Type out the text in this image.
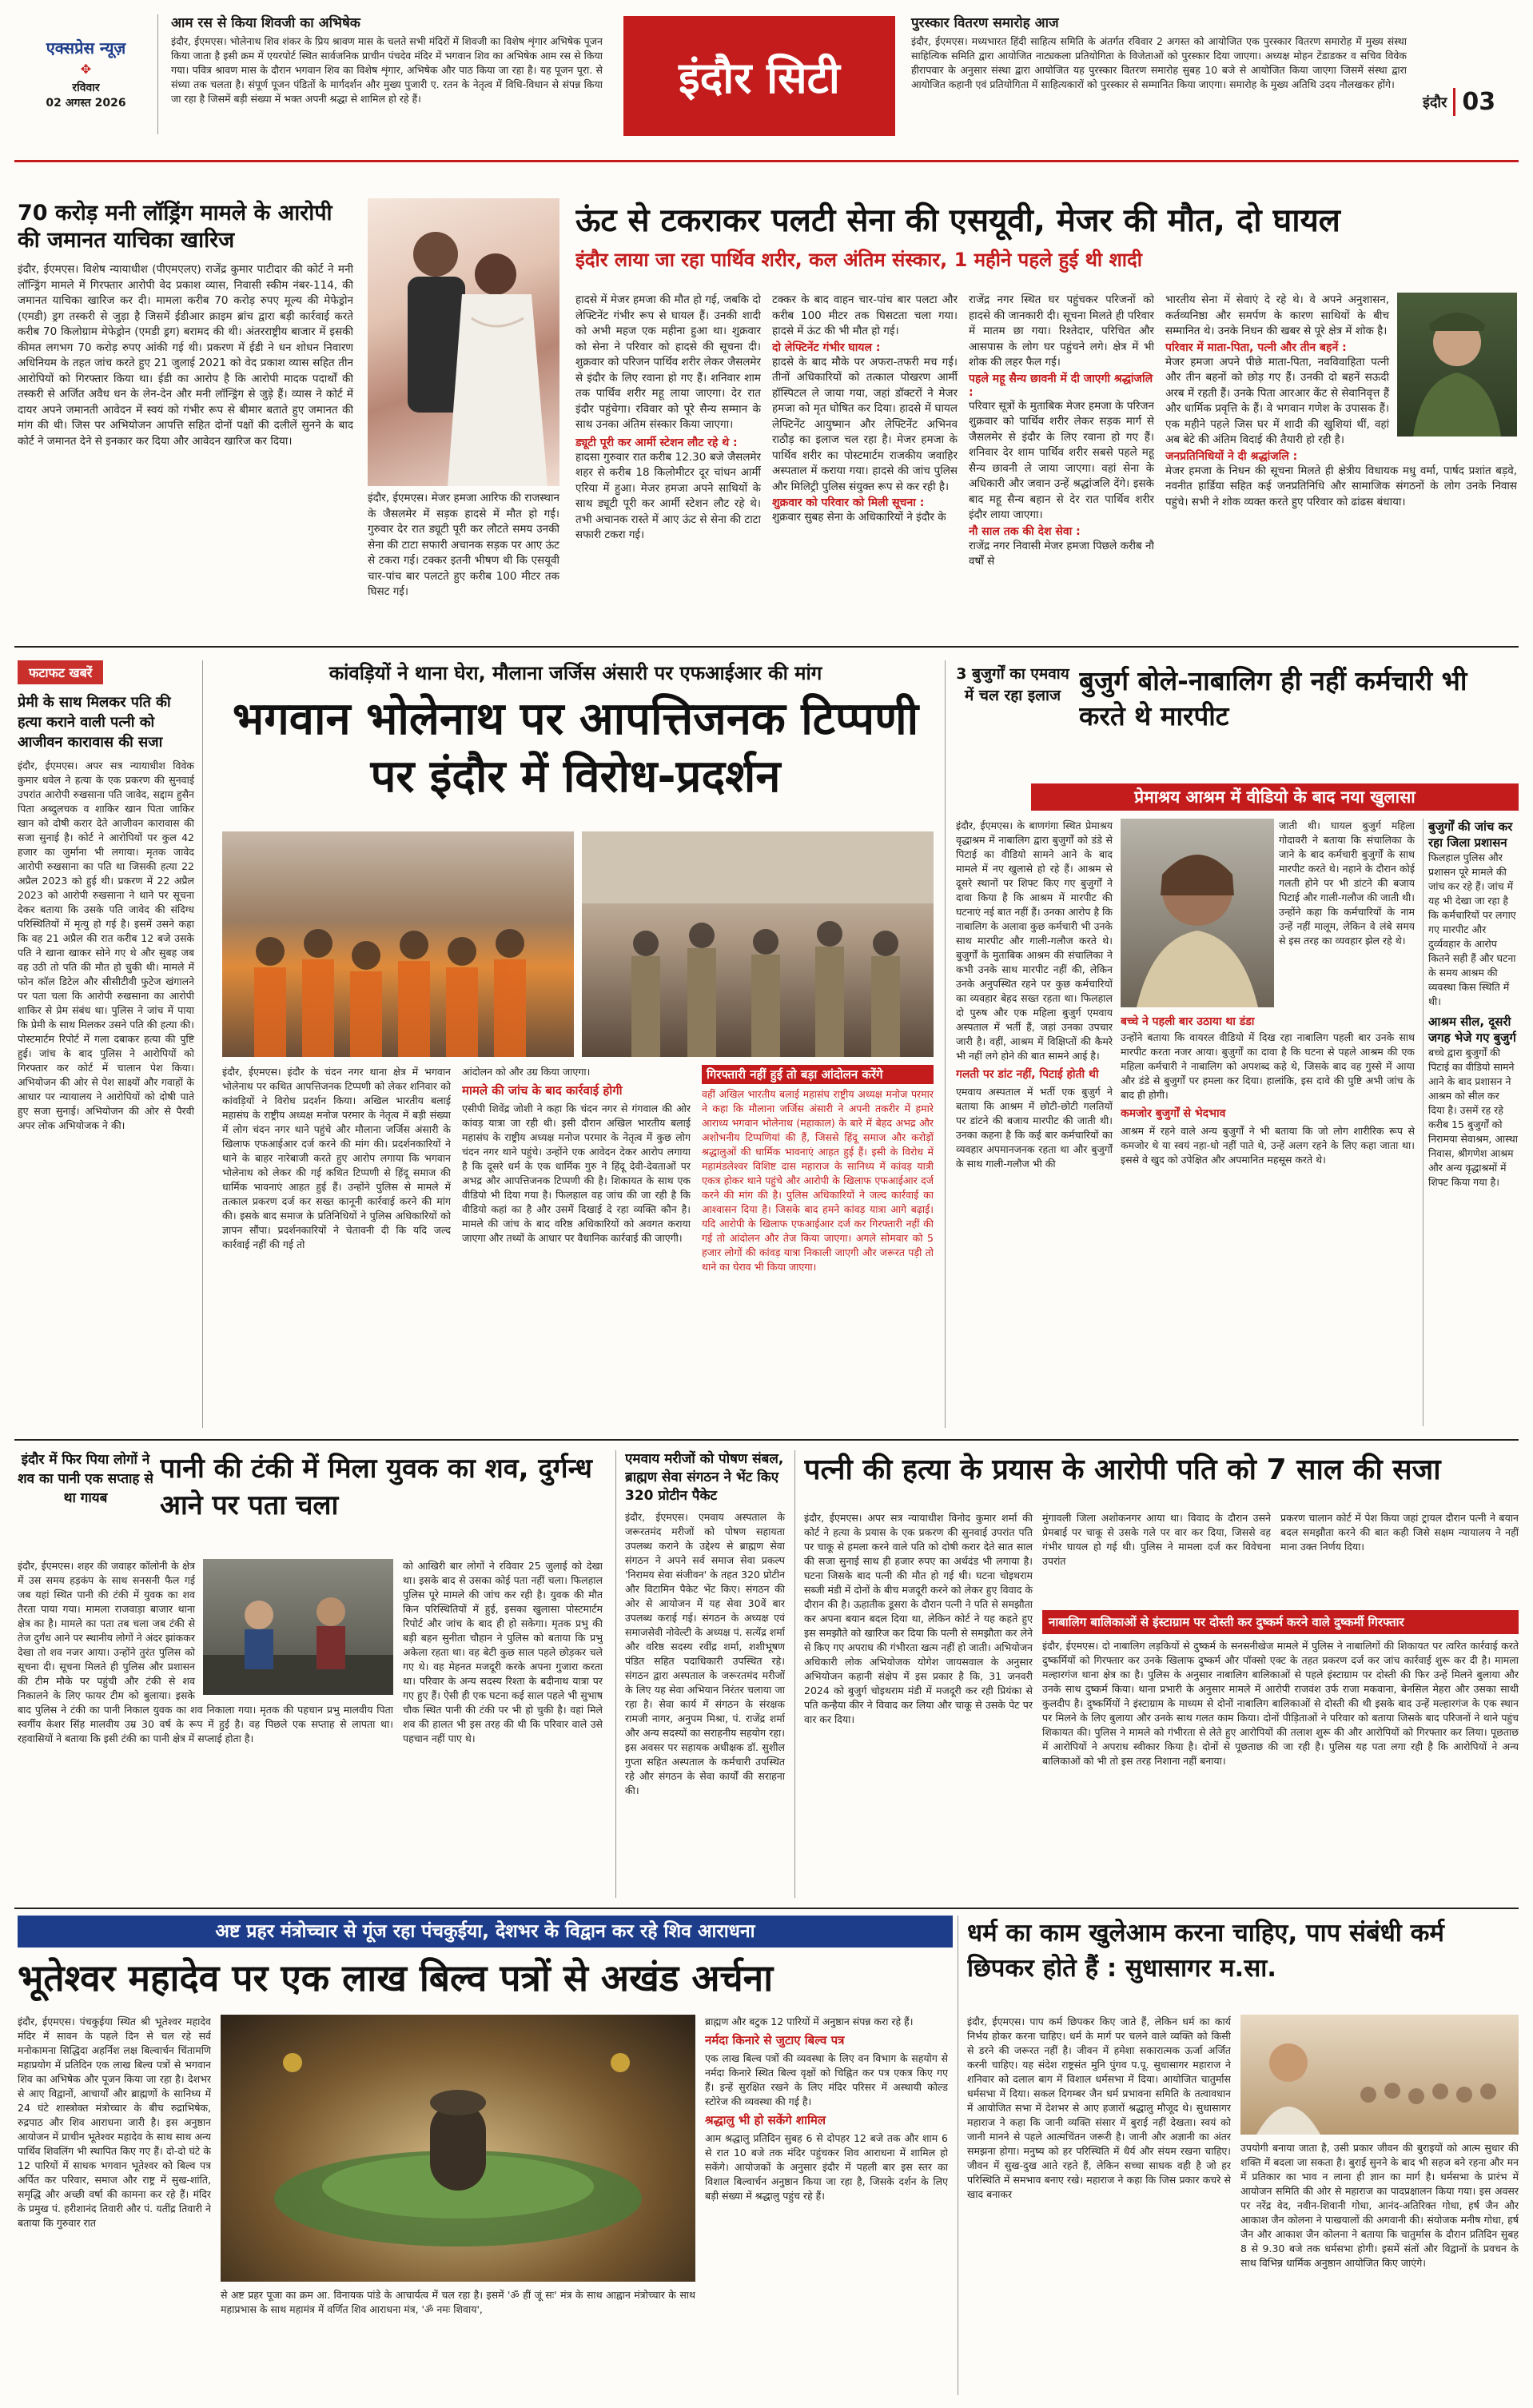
एक्सप्रेस न्यूज़
✥
रविवार
02 अगस्त 2026
आम रस से किया शिवजी का अभिषेक
इंदौर, ईएमएस। भोलेनाथ शिव शंकर के प्रिय श्रावण मास के चलते सभी मंदिरों में शिवजी का विशेष शृंगार अभिषेक पूजन किया जाता है इसी क्रम में एयरपोर्ट स्थित सार्वजनिक प्राचीन पंचदेव मंदिर में भगवान शिव का अभिषेक आम रस से किया गया। पवित्र श्रावण मास के दौरान भगवान शिव का विशेष शृंगार, अभिषेक और पाठ किया जा रहा है। यह पूजन पूरा. से संध्या तक चलता है। संपूर्ण पूजन पंडितों के मार्गदर्शन और मुख्य पुजारी ए. रतन के नेतृत्व में विधि-विधान से संपन्न किया जा रहा है जिसमें बड़ी संख्या में भक्त अपनी श्रद्धा से शामिल हो रहे हैं।	इंदौर सिटी
पुरस्कार वितरण समारोह आज
इंदौर, ईएमएस। मध्यभारत हिंदी साहित्य समिति के अंतर्गत रविवार 2 अगस्त को आयोजित एक पुरस्कार वितरण समारोह में मुख्य संस्था साहित्यिक समिति द्वारा आयोजित नाट्यकला प्रतियोगिता के विजेताओं को पुरस्कार दिया जाएगा। अध्यक्ष मोहन टेंडाडकर व सचिव विवेक हीरापवार के अनुसार संस्था द्वारा आयोजित यह पुरस्कार वितरण समारोह सुबह 10 बजे से आयोजित किया जाएगा जिसमें संस्था द्वारा आयोजित कहानी एवं प्रतियोगिता में साहित्यकारों को पुरस्कार से सम्मानित किया जाएगा। समारोह के मुख्य अतिथि उदय नौलखकर होंगे।
इंदौर 03
70 करोड़ मनी लॉड्रिंग मामले के आरोपी की जमानत याचिका खारिज
इंदौर, ईएमएस। विशेष न्यायाधीश (पीएमएलए) राजेंद्र कुमार पाटीदार की कोर्ट ने मनी लॉन्ड्रिंग मामले में गिरफ्तार आरोपी वेद प्रकाश व्यास, निवासी स्कीम नंबर-114, की जमानत याचिका खारिज कर दी। मामला करीब 70 करोड़ रुपए मूल्य की मेफेड्रोन (एमडी) ड्रग तस्करी से जुड़ा है जिसमें ईडीआर क्राइम ब्रांच द्वारा बड़ी कार्रवाई करते करीब 70 किलोग्राम मेफेड्रोन (एमडी ड्रग) बरामद की थी। अंतरराष्ट्रीय बाजार में इसकी कीमत लगभग 70 करोड़ रुपए आंकी गई थी। प्रकरण में ईडी ने धन शोधन निवारण अधिनियम के तहत जांच करते हुए 21 जुलाई 2021 को वेद प्रकाश व्यास सहित तीन आरोपियों को गिरफ्तार किया था। ईडी का आरोप है कि आरोपी मादक पदार्थों की तस्करी से अर्जित अवैध धन के लेन-देन और मनी लॉन्ड्रिंग से जुड़े हैं। व्यास ने कोर्ट में दायर अपने जमानती आवेदन में स्वयं को गंभीर रूप से बीमार बताते हुए जमानत की मांग की थी। जिस पर अभियोजन आपत्ति सहित दोनों पक्षों की दलीलें सुनने के बाद कोर्ट ने जमानत देने से इनकार कर दिया और आवेदन खारिज कर दिया।
ऊंट से टकराकर पलटी सेना की एसयूवी, मेजर की मौत, दो घायल
इंदौर लाया जा रहा पार्थिव शरीर, कल अंतिम संस्कार, 1 महीने पहले हुई थी शादी
इंदौर, ईएमएस। मेजर हमजा आरिफ की राजस्थान के जैसलमेर में सड़क हादसे में मौत हो गई। गुरुवार देर रात ड्यूटी पूरी कर लौटते समय उनकी सेना की टाटा सफारी अचानक सड़क पर आए ऊंट से टकरा गई। टक्कर इतनी भीषण थी कि एसयूवी चार-पांच बार पलटते हुए करीब 100 मीटर तक घिसट गई।
हादसे में मेजर हमजा की मौत हो गई, जबकि दो लेफ्टिनेंट गंभीर रूप से घायल हैं। उनकी शादी को अभी महज एक महीना हुआ था। शुक्रवार को सेना ने परिवार को हादसे की सूचना दी। शुक्रवार को परिजन पार्थिव शरीर लेकर जैसलमेर से इंदौर के लिए रवाना हो गए हैं। शनिवार शाम तक पार्थिव शरीर महू लाया जाएगा। देर रात इंदौर पहुंचेगा। रविवार को पूरे सैन्य सम्मान के साथ उनका अंतिम संस्कार किया जाएगा।
ड्यूटी पूरी कर आर्मी स्टेशन लौट रहे थे :
हादसा गुरुवार रात करीब 12.30 बजे जैसलमेर शहर से करीब 18 किलोमीटर दूर चांधन आर्मी एरिया में हुआ। मेजर हमजा अपने साथियों के साथ ड्यूटी पूरी कर आर्मी स्टेशन लौट रहे थे। तभी अचानक रास्ते में आए ऊंट से सेना की टाटा सफारी टकरा गई।
टक्कर के बाद वाहन चार-पांच बार पलटा और करीब 100 मीटर तक घिसटता चला गया। हादसे में ऊंट की भी मौत हो गई।
दो लेफ्टिनेंट गंभीर घायल :
हादसे के बाद मौके पर अफरा-तफरी मच गई। तीनों अधिकारियों को तत्काल पोखरण आर्मी हॉस्पिटल ले जाया गया, जहां डॉक्टरों ने मेजर हमजा को मृत घोषित कर दिया। हादसे में घायल लेफ्टिनेंट आयुष्मान और लेफ्टिनेंट अभिनव राठौड़ का इलाज चल रहा है। मेजर हमजा के पार्थिव शरीर का पोस्टमार्टम राजकीय जवाहिर अस्पताल में कराया गया। हादसे की जांच पुलिस और मिलिट्री पुलिस संयुक्त रूप से कर रही है।
शुक्रवार को परिवार को मिली सूचना :
शुक्रवार सुबह सेना के अधिकारियों ने इंदौर के
राजेंद्र नगर स्थित घर पहुंचकर परिजनों को हादसे की जानकारी दी। सूचना मिलते ही परिवार में मातम छा गया। रिश्तेदार, परिचित और आसपास के लोग घर पहुंचने लगे। क्षेत्र में भी शोक की लहर फैल गई।
पहले महू सैन्य छावनी में दी जाएगी श्रद्धांजलि :
परिवार सूत्रों के मुताबिक मेजर हमजा के परिजन शुक्रवार को पार्थिव शरीर लेकर सड़क मार्ग से जैसलमेर से इंदौर के लिए रवाना हो गए हैं। शनिवार देर शाम पार्थिव शरीर सबसे पहले महू सैन्य छावनी ले जाया जाएगा। वहां सेना के अधिकारी और जवान उन्हें श्रद्धांजलि देंगे। इसके बाद महू सैन्य बहान से देर रात पार्थिव शरीर इंदौर लाया जाएगा।
नौ साल तक की देश सेवा :
राजेंद्र नगर निवासी मेजर हमजा पिछले करीब नौ वर्षों से
भारतीय सेना में सेवाएं दे रहे थे। वे अपने अनुशासन, कर्तव्यनिष्ठा और समर्पण के कारण साथियों के बीच सम्मानित थे। उनके निधन की खबर से पूरे क्षेत्र में शोक है।
परिवार में माता-पिता, पत्नी और तीन बहनें :
मेजर हमजा अपने पीछे माता-पिता, नवविवाहिता पत्नी और तीन बहनों को छोड़ गए हैं। उनकी दो बहनें सऊदी अरब में रहती हैं। उनके पिता आरआर केंट से सेवानिवृत्त हैं और धार्मिक प्रवृत्ति के हैं। वे भगवान गणेश के उपासक हैं। एक महीने पहले जिस घर में शादी की खुशियां थीं, वहां अब बेटे की अंतिम विदाई की तैयारी हो रही है।
जनप्रतिनिधियों ने दी श्रद्धांजलि :
मेजर हमजा के निधन की सूचना मिलते ही क्षेत्रीय विधायक मधु वर्मा, पार्षद प्रशांत बड़वे, नवनीत हार्डिया सहित कई जनप्रतिनिधि और सामाजिक संगठनों के लोग उनके निवास पहुंचे। सभी ने शोक व्यक्त करते हुए परिवार को ढांढस बंधाया।
फटाफट खबरें
प्रेमी के साथ मिलकर पति की हत्या कराने वाली पत्नी को आजीवन कारावास की सजा
इंदौर, ईएमएस। अपर सत्र न्यायाधीश विवेक कुमार धवेल ने हत्या के एक प्रकरण की सुनवाई उपरांत आरोपी रुखसाना पति जावेद, सद्दाम हुसैन पिता अब्दुलचक व शाकिर खान पिता जाकिर खान को दोषी करार देते आजीवन कारावास की सजा सुनाई है। कोर्ट ने आरोपियों पर कुल 42 हजार का जुर्माना भी लगाया। मृतक जावेद आरोपी रुखसाना का पति था जिसकी हत्या 22 अप्रैल 2023 को हुई थी। प्रकरण में 22 अप्रैल 2023 को आरोपी रुखसाना ने थाने पर सूचना देकर बताया कि उसके पति जावेद की संदिग्ध परिस्थितियों में मृत्यु हो गई है। इसमें उसने कहा कि वह 21 अप्रैल की रात करीब 12 बजे उसके पति ने खाना खाकर सोने गए थे और सुबह जब वह उठी तो पति की मौत हो चुकी थी। मामले में फोन कॉल डिटेल और सीसीटीवी फुटेज खंगालने पर पता चला कि आरोपी रुखसाना का आरोपी शाकिर से प्रेम संबंध था। पुलिस ने जांच में पाया कि प्रेमी के साथ मिलकर उसने पति की हत्या की। पोस्टमार्टम रिपोर्ट में गला दबाकर हत्या की पुष्टि हुई। जांच के बाद पुलिस ने आरोपियों को गिरफ्तार कर कोर्ट में चालान पेश किया। अभियोजन की ओर से पेश साक्ष्यों और गवाहों के आधार पर न्यायालय ने आरोपियों को दोषी पाते हुए सजा सुनाई। अभियोजन की ओर से पैरवी अपर लोक अभियोजक ने की।
कांवड़ियों ने थाना घेरा, मौलाना जर्जिस अंसारी पर एफआईआर की मांग
भगवान भोलेनाथ पर आपत्तिजनक टिप्पणी पर इंदौर में विरोध-प्रदर्शन
इंदौर, ईएमएस। इंदौर के चंदन नगर थाना क्षेत्र में भगवान भोलेनाथ पर कथित आपत्तिजनक टिप्पणी को लेकर शनिवार को कांवड़ियों ने विरोध प्रदर्शन किया। अखिल भारतीय बलाई महासंघ के राष्ट्रीय अध्यक्ष मनोज परमार के नेतृत्व में बड़ी संख्या में लोग चंदन नगर थाने पहुंचे और मौलाना जर्जिस अंसारी के खिलाफ एफआईआर दर्ज करने की मांग की। प्रदर्शनकारियों ने थाने के बाहर नारेबाजी करते हुए आरोप लगाया कि भगवान भोलेनाथ को लेकर की गई कथित टिप्पणी से हिंदू समाज की धार्मिक भावनाएं आहत हुई हैं। उन्होंने पुलिस से मामले में तत्काल प्रकरण दर्ज कर सख्त कानूनी कार्रवाई करने की मांग की। इसके बाद समाज के प्रतिनिधियों ने पुलिस अधिकारियों को ज्ञापन सौंपा। प्रदर्शनकारियों ने चेतावनी दी कि यदि जल्द कार्रवाई नहीं की गई तो
आंदोलन को और उग्र किया जाएगा।
मामले की जांच के बाद कार्रवाई होगी
एसीपी शिवेंद्र जोशी ने कहा कि चंदन नगर से गंगवाल की ओर कांवड़ यात्रा जा रही थी। इसी दौरान अखिल भारतीय बलाई महासंघ के राष्ट्रीय अध्यक्ष मनोज परमार के नेतृत्व में कुछ लोग चंदन नगर थाने पहुंचे। उन्होंने एक आवेदन देकर आरोप लगाया है कि दूसरे धर्म के एक धार्मिक गुरु ने हिंदू देवी-देवताओं पर अभद्र और आपत्तिजनक टिप्पणी की है। शिकायत के साथ एक वीडियो भी दिया गया है। फिलहाल वह जांच की जा रही है कि वीडियो कहां का है और उसमें दिखाई दे रहा व्यक्ति कौन है। मामले की जांच के बाद वरिष्ठ अधिकारियों को अवगत कराया जाएगा और तथ्यों के आधार पर वैधानिक कार्रवाई की जाएगी।
गिरफ्तारी नहीं हुई तो बड़ा आंदोलन करेंगे
वहीं अखिल भारतीय बलाई महासंघ राष्ट्रीय अध्यक्ष मनोज परमार ने कहा कि मौलाना जर्जिस अंसारी ने अपनी तकरीर में हमारे आराध्य भगवान भोलेनाथ (महाकाल) के बारे में बेहद अभद्र और अशोभनीय टिप्पणियां की हैं, जिससे हिंदू समाज और करोड़ों श्रद्धालुओं की धार्मिक भावनाएं आहत हुई हैं। इसी के विरोध में महामंडलेश्वर विशिष्ट दास महाराज के सानिध्य में कांवड़ यात्री एकत्र होकर थाने पहुंचे और आरोपी के खिलाफ एफआईआर दर्ज करने की मांग की है। पुलिस अधिकारियों ने जल्द कार्रवाई का आश्वासन दिया है। जिसके बाद हमने कांवड़ यात्रा आगे बढ़ाई। यदि आरोपी के खिलाफ एफआईआर दर्ज कर गिरफ्तारी नहीं की गई तो आंदोलन और तेज किया जाएगा। अगले सोमवार को 5 हजार लोगों की कांवड़ यात्रा निकाली जाएगी और जरूरत पड़ी तो थाने का घेराव भी किया जाएगा।
3 बुजुर्गों का एमवाय में चल रहा इलाज बुजुर्ग बोले-नाबालिग ही नहीं कर्मचारी भी करते थे मारपीट
प्रेमाश्रय आश्रम में वीडियो के बाद नया खुलासा
इंदौर, ईएमएस। के बाणगंगा स्थित प्रेमाश्रय वृद्धाश्रम में नाबालिग द्वारा बुजुर्गों को डंडे से पिटाई का वीडियो सामने आने के बाद मामले में नए खुलासे हो रहे हैं। आश्रम से दूसरे स्थानों पर शिफ्ट किए गए बुजुर्गों ने दावा किया है कि आश्रम में मारपीट की घटनाएं नई बात नहीं हैं। उनका आरोप है कि नाबालिग के अलावा कुछ कर्मचारी भी उनके साथ मारपीट और गाली-गलौज करते थे। बुजुर्गों के मुताबिक आश्रम की संचालिका ने कभी उनके साथ मारपीट नहीं की, लेकिन उनके अनुपस्थित रहने पर कुछ कर्मचारियों का व्यवहार बेहद सख्त रहता था। फिलहाल दो पुरुष और एक महिला बुजुर्ग एमवाय अस्पताल में भर्ती हैं, जहां उनका उपचार जारी है। वहीं, आश्रम में विक्षिप्तों की कैमरे भी नहीं लगे होने की बात सामने आई है।
गलती पर डांट नहीं, पिटाई होती थी
एमवाय अस्पताल में भर्ती एक बुजुर्ग ने बताया कि आश्रम में छोटी-छोटी गलतियों पर डांटने की बजाय मारपीट की जाती थी। उनका कहना है कि कई बार कर्मचारियों का व्यवहार अपमानजनक रहता था और बुजुर्गों के साथ गाली-गलौज भी की
जाती थी। घायल बुजुर्ग महिला गोदावरी ने बताया कि संचालिका के जाने के बाद कर्मचारी बुजुर्गों के साथ मारपीट करते थे। नहाने के दौरान कोई गलती होने पर भी डांटने की बजाय पिटाई और गाली-गलौज की जाती थी। उन्होंने कहा कि कर्मचारियों के नाम उन्हें नहीं मालूम, लेकिन वे लंबे समय से इस तरह का व्यवहार झेल रहे थे।
बच्चे ने पहली बार उठाया था डंडा
उन्होंने बताया कि वायरल वीडियो में दिख रहा नाबालिग पहली बार उनके साथ मारपीट करता नजर आया। बुजुर्गों का दावा है कि घटना से पहले आश्रम की एक महिला कर्मचारी ने नाबालिग को अपशब्द कहे थे, जिसके बाद वह गुस्से में आया और डंडे से बुजुर्गों पर हमला कर दिया। हालांकि, इस दावे की पुष्टि अभी जांच के बाद ही होगी।
कमजोर बुजुर्गों से भेदभाव
आश्रम में रहने वाले अन्य बुजुर्गों ने भी बताया कि जो लोग शारीरिक रूप से कमजोर थे या स्वयं नहा-धो नहीं पाते थे, उन्हें अलग रहने के लिए कहा जाता था। इससे वे खुद को उपेक्षित और अपमानित महसूस करते थे।
बुजुर्गों की जांच कर रहा जिला प्रशासन
फिलहाल पुलिस और प्रशासन पूरे मामले की जांच कर रहे हैं। जांच में यह भी देखा जा रहा है कि कर्मचारियों पर लगाए गए मारपीट और दुर्व्यवहार के आरोप कितने सही हैं और घटना के समय आश्रम की व्यवस्था किस स्थिति में थी।
आश्रम सील, दूसरी जगह भेजे गए बुजुर्ग
बच्चे द्वारा बुजुर्गों की पिटाई का वीडियो सामने आने के बाद प्रशासन ने आश्रम को सील कर दिया है। उसमें रह रहे करीब 15 बुजुर्गों को निरामया सेवाश्रम, आस्था निवास, श्रीगणेश आश्रम और अन्य वृद्धाश्रमों में शिफ्ट किया गया है।
इंदौर में फिर पिया लोगों ने शव का पानी एक सप्ताह से था गायब
पानी की टंकी में मिला युवक का शव, दुर्गन्ध आने पर पता चला
इंदौर, ईएमएस। शहर की जवाहर कॉलोनी के क्षेत्र में उस समय हड़कंप के साथ सनसनी फैल गई जब यहां स्थित पानी की टंकी में युवक का शव तैरता पाया गया। मामला राजवाड़ा बाजार थाना क्षेत्र का है। मामले का पता तब चला जब टंकी से तेज दुर्गंध आने पर स्थानीय लोगों ने अंदर झांककर देखा तो शव नजर आया। उन्होंने तुरंत पुलिस को सूचना दी। सूचना मिलते ही पुलिस और प्रशासन की टीम मौके पर पहुंची और टंकी से शव निकालने के लिए फायर टीम को बुलाया। इसके बाद पुलिस ने टंकी का पानी निकाल युवक का शव निकाला गया। मृतक की पहचान प्रभु मालवीय पिता स्वर्गीय केशर सिंह मालवीय उम्र 30 वर्ष के रूप में हुई है। वह पिछले एक सप्ताह से लापता था। रहवासियों ने बताया कि इसी टंकी का पानी क्षेत्र में सप्लाई होता है।
को आखिरी बार लोगों ने रविवार 25 जुलाई को देखा था। इसके बाद से उसका कोई पता नहीं चला। फिलहाल पुलिस पूरे मामले की जांच कर रही है। युवक की मौत किन परिस्थितियों में हुई, इसका खुलासा पोस्टमार्टम रिपोर्ट और जांच के बाद ही हो सकेगा। मृतक प्रभु की बड़ी बहन सुनीता चौहान ने पुलिस को बताया कि प्रभु अकेला रहता था। वह बेटी कुछ साल पहले छोड़कर चले गए थे। वह मेहनत मजदूरी करके अपना गुजारा करता था। परिवार के अन्य सदस्य रिश्ता के बदीनाथ यात्रा पर गए हुए हैं। ऐसी ही एक घटना कई साल पहले भी सुभाष चौक स्थित पानी की टंकी पर भी हो चुकी है। वहां मिले शव की हालत भी इस तरह की थी कि परिवार वाले उसे पहचान नहीं पाए थे।
एमवाय मरीजों को पोषण संबल, ब्राह्मण सेवा संगठन ने भेंट किए 320 प्रोटीन पैकेट
इंदौर, ईएमएस। एमवाय अस्पताल के जरूरतमंद मरीजों को पोषण सहायता उपलब्ध कराने के उद्देश्य से ब्राह्मण सेवा संगठन ने अपने सर्व समाज सेवा प्रकल्प 'निरामय सेवा संजीवन' के तहत 320 प्रोटीन और विटामिन पैकेट भेंट किए। संगठन की ओर से आयोजन में यह सेवा 30वें बार उपलब्ध कराई गई। संगठन के अध्यक्ष एवं समाजसेवी नोवेल्टी के अध्यक्ष पं. सत्येंद्र शर्मा और वरिष्ठ सदस्य रवींद्र शर्मा, शशीभूषण पंडित सहित पदाधिकारी उपस्थित रहे। संगठन द्वारा अस्पताल के जरूरतमंद मरीजों के लिए यह सेवा अभियान निरंतर चलाया जा रहा है। सेवा कार्य में संगठन के संरक्षक रामजी नागर, अनुपम मिश्रा, पं. राजेंद्र शर्मा और अन्य सदस्यों का सराहनीय सहयोग रहा। इस अवसर पर सहायक अधीक्षक डॉ. सुशील गुप्ता सहित अस्पताल के कर्मचारी उपस्थित रहे और संगठन के सेवा कार्यों की सराहना की।
पत्नी की हत्या के प्रयास के आरोपी पति को 7 साल की सजा
इंदौर, ईएमएस। अपर सत्र न्यायाधीश विनोद कुमार शर्मा की कोर्ट ने हत्या के प्रयास के एक प्रकरण की सुनवाई उपरांत पति पर चाकू से हमला करने वाले पति को दोषी करार देते सात साल की सजा सुनाई साथ ही हजार रुपए का अर्थदंड भी लगाया है। घटना जिसके बाद पत्नी की मौत हो गई थी। घटना चोइथराम सब्जी मंडी में दोनों के बीच मजदूरी करने को लेकर हुए विवाद के दौरान की है। ऊहातीक डूसरा के दौरान पत्नी ने पति से समझौता कर अपना बयान बदल दिया था, लेकिन कोर्ट ने यह कहते हुए इस समझौते को खारिज कर दिया कि पत्नी से समझौता कर लेने से किए गए अपराध की गंभीरता खत्म नहीं हो जाती। अभियोजन अधिकारी लोक अभियोजक योगेश जायसवाल के अनुसार अभियोजन कहानी संक्षेप में इस प्रकार है कि, 31 जनवरी 2024 को बुजुर्ग चोइथराम मंडी में मजदूरी कर रही प्रियंका से पति कन्हैया कीर ने विवाद कर लिया और चाकू से उसके पेट पर वार कर दिया।
मुंगावली जिला अशोकनगर आया था। विवाद के दौरान उसने प्रेमबाई पर चाकू से उसके गले पर वार कर दिया, जिससे वह गंभीर घायल हो गई थी। पुलिस ने मामला दर्ज कर विवेचना उपरांत
प्रकरण चालान कोर्ट में पेश किया जहां ट्रायल दौरान पत्नी ने बयान बदल समझौता करने की बात कही जिसे सक्षम न्यायालय ने नहीं माना उक्त निर्णय दिया।
नाबालिग बालिकाओं से इंस्टाग्राम पर दोस्ती कर दुष्कर्म करने वाले दुष्कर्मी गिरफ्तार
इंदौर, ईएमएस। दो नाबालिग लड़कियों से दुष्कर्म के सनसनीखेज मामले में पुलिस ने नाबालिगों की शिकायत पर त्वरित कार्रवाई करते दुष्कर्मियों को गिरफ्तार कर उनके खिलाफ दुष्कर्म और पॉक्सो एक्ट के तहत प्रकरण दर्ज कर जांच कार्रवाई शुरू कर दी है। मामला मल्हारगंज थाना क्षेत्र का है। पुलिस के अनुसार नाबालिग बालिकाओं से पहले इंस्टाग्राम पर दोस्ती की फिर उन्हें मिलने बुलाया और उनके साथ दुष्कर्म किया। थाना प्रभारी के अनुसार मामले में आरोपी राजवंश उर्फ राजा मकवाना, बेनसिल मेहरा और उसका साथी कुलदीप है। दुष्कर्मियों ने इंस्टाग्राम के माध्यम से दोनों नाबालिग बालिकाओं से दोस्ती की थी इसके बाद उन्हें मल्हारगंज के एक स्थान पर मिलने के लिए बुलाया और उनके साथ गलत काम किया। दोनों पीड़िताओं ने परिवार को बताया जिसके बाद परिजनों ने थाने पहुंच शिकायत की। पुलिस ने मामले को गंभीरता से लेते हुए आरोपियों की तलाश शुरू की और आरोपियों को गिरफ्तार कर लिया। पूछताछ में आरोपियों ने अपराध स्वीकार किया है। दोनों से पूछताछ की जा रही है। पुलिस यह पता लगा रही है कि आरोपियों ने अन्य बालिकाओं को भी तो इस तरह निशाना नहीं बनाया।
अष्ट प्रहर मंत्रोच्चार से गूंज रहा पंचकुईया, देशभर के विद्वान कर रहे शिव आराधना
भूतेश्वर महादेव पर एक लाख बिल्व पत्रों से अखंड अर्चना
इंदौर, ईएमएस। पंचकुईया स्थित श्री भूतेश्वर महादेव मंदिर में सावन के पहले दिन से चल रहे सर्व मनोकामना सिद्धिदा अहर्निश लक्ष बिल्वार्चन चिंतामणि महाप्रयोग में प्रतिदिन एक लाख बिल्व पत्रों से भगवान शिव का अभिषेक और पूजन किया जा रहा है। देशभर से आए विद्वानों, आचार्यों और ब्राह्मणों के सानिध्य में 24 घंटे शास्त्रोक्त मंत्रोच्चार के बीच रुद्राभिषेक, रुद्रपाठ और शिव आराधना जारी है। इस अनुष्ठान आयोजन में प्राचीन भूतेश्वर महादेव के साथ साथ अन्य पार्थिव शिवलिंग भी स्थापित किए गए हैं। दो-दो घंटे के 12 पारियों में साधक भगवान भूतेश्वर को बिल्व पत्र अर्पित कर परिवार, समाज और राष्ट्र में सुख-शांति, समृद्धि और अच्छी वर्षा की कामना कर रहे हैं। मंदिर के प्रमुख पं. हरीशानंद तिवारी और पं. यतींद्र तिवारी ने बताया कि गुरुवार रात
से अष्ट प्रहर पूजा का क्रम आ. विनायक पांडे के आचार्यत्व में चल रहा है। इसमें 'ॐ हीं जूं सः' मंत्र के साथ आह्वान मंत्रोच्चार के साथ महाप्रभास के साथ महामंत्र में वर्णित शिव आराधना मंत्र, 'ॐ नमः शिवाय',
ब्राह्मण और बटुक 12 पारियों में अनुष्ठान संपन्न करा रहे हैं।
नर्मदा किनारे से जुटाए बिल्व पत्र
एक लाख बिल्व पत्रों की व्यवस्था के लिए वन विभाग के सहयोग से नर्मदा किनारे स्थित बिल्व वृक्षों को चिह्नित कर पत्र एकत्र किए गए हैं। इन्हें सुरक्षित रखने के लिए मंदिर परिसर में अस्थायी कोल्ड स्टोरेज की व्यवस्था की गई है।
श्रद्धालु भी हो सकेंगे शामिल
आम श्रद्धालु प्रतिदिन सुबह 6 से दोपहर 12 बजे तक और शाम 6 से रात 10 बजे तक मंदिर पहुंचकर शिव आराधना में शामिल हो सकेंगे। आयोजकों के अनुसार इंदौर में पहली बार इस स्तर का विशाल बिल्वार्चन अनुष्ठान किया जा रहा है, जिसके दर्शन के लिए बड़ी संख्या में श्रद्धालु पहुंच रहे हैं।
धर्म का काम खुलेआम करना चाहिए, पाप संबंधी कर्म छिपकर होते हैं : सुधासागर म.सा.
इंदौर, ईएमएस। पाप कर्म छिपकर किए जाते हैं, लेकिन धर्म का कार्य निर्भय होकर करना चाहिए। धर्म के मार्ग पर चलने वाले व्यक्ति को किसी से डरने की जरूरत नहीं है। जीवन में हमेशा सकारात्मक ऊर्जा अर्जित करनी चाहिए। यह संदेश राष्ट्रसंत मुनि पुंगव प.पू. सुधासागर महाराज ने शनिवार को दलाल बाग में विशाल धर्मसभा में दिया। आयोजित चातुर्मास धर्मसभा में दिया। सकल दिगम्बर जैन धर्म प्रभावना समिति के तत्वावधान में आयोजित सभा में देशभर से आए हजारों श्रद्धालु मौजूद थे। सुधासागर महाराज ने कहा कि जानी व्यक्ति संसार में बुराई नहीं देखता। स्वयं को जानी मानने से पहले आत्मचिंतन जरूरी है। जानी और अज्ञानी का अंतर समझना होगा। मनुष्य को हर परिस्थिति में धैर्य और संयम रखना चाहिए। जीवन में सुख-दुख आते रहते हैं, लेकिन सच्चा साधक वही है जो हर परिस्थिति में समभाव बनाए रखे। महाराज ने कहा कि जिस प्रकार कचरे से खाद बनाकर
उपयोगी बनाया जाता है, उसी प्रकार जीवन की बुराइयों को आत्म सुधार की शक्ति में बदला जा सकता है। बुराई सुनने के बाद भी सहज बने रहना और मन में प्रतिकार का भाव न लाना ही ज्ञान का मार्ग है। धर्मसभा के प्रारंभ में आयोजन समिति की ओर से महाराज का पादप्रक्षालन किया गया। इस अवसर पर नरेंद्र वेद, नवीन-शिवानी गोधा, आनंद-अतिरिक्त गोधा, हर्ष जैन और आकाश जैन कोलना ने पाखयालों की अगवानी की। संयोजक मनीष गोधा, हर्ष जैन और आकाश जैन कोलना ने बताया कि चातुर्मास के दौरान प्रतिदिन सुबह 8 से 9.30 बजे तक धर्मसभा होगी। इसमें संतों और विद्वानों के प्रवचन के साथ विभिन्न धार्मिक अनुष्ठान आयोजित किए जाएंगे।
